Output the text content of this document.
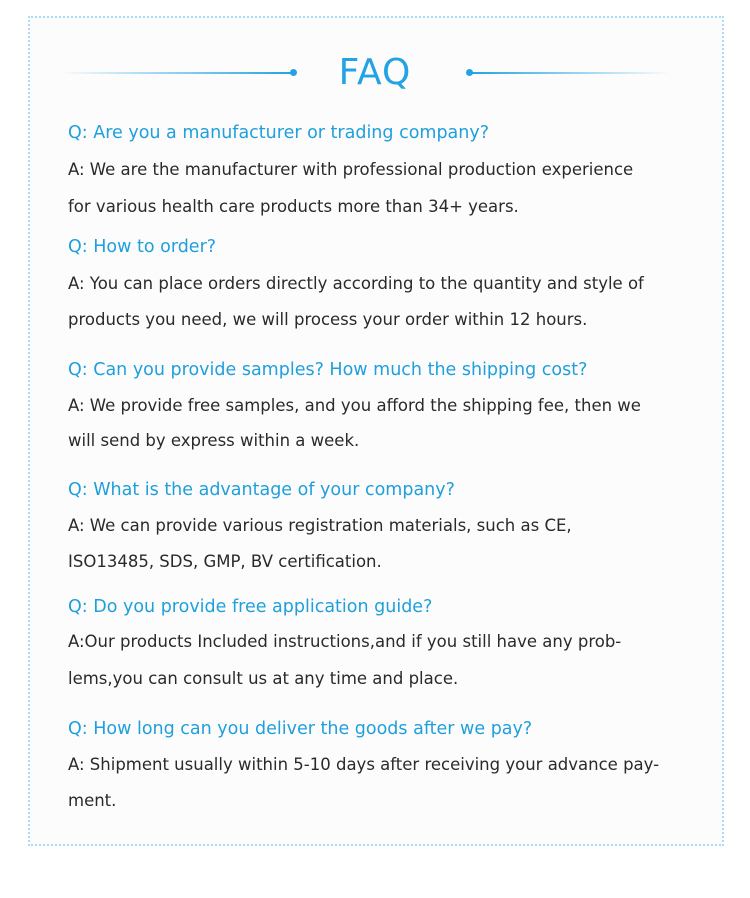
FAQ
Q: Are you a manufacturer or trading company?
A: We are the manufacturer with professional production experience
for various health care products more than 34+ years.
Q: How to order?
A: You can place orders directly according to the quantity and style of
products you need, we will process your order within 12 hours.
Q: Can you provide samples? How much the shipping cost?
A: We provide free samples, and you afford the shipping fee, then we
will send by express within a week.
Q: What is the advantage of your company?
A: We can provide various registration materials, such as CE,
ISO13485, SDS, GMP, BV certification.
Q: Do you provide free application guide?
A:Our products Included instructions,and if you still have any prob-
lems,you can consult us at any time and place.
Q: How long can you deliver the goods after we pay?
A: Shipment usually within 5-10 days after receiving your advance pay-
ment.
